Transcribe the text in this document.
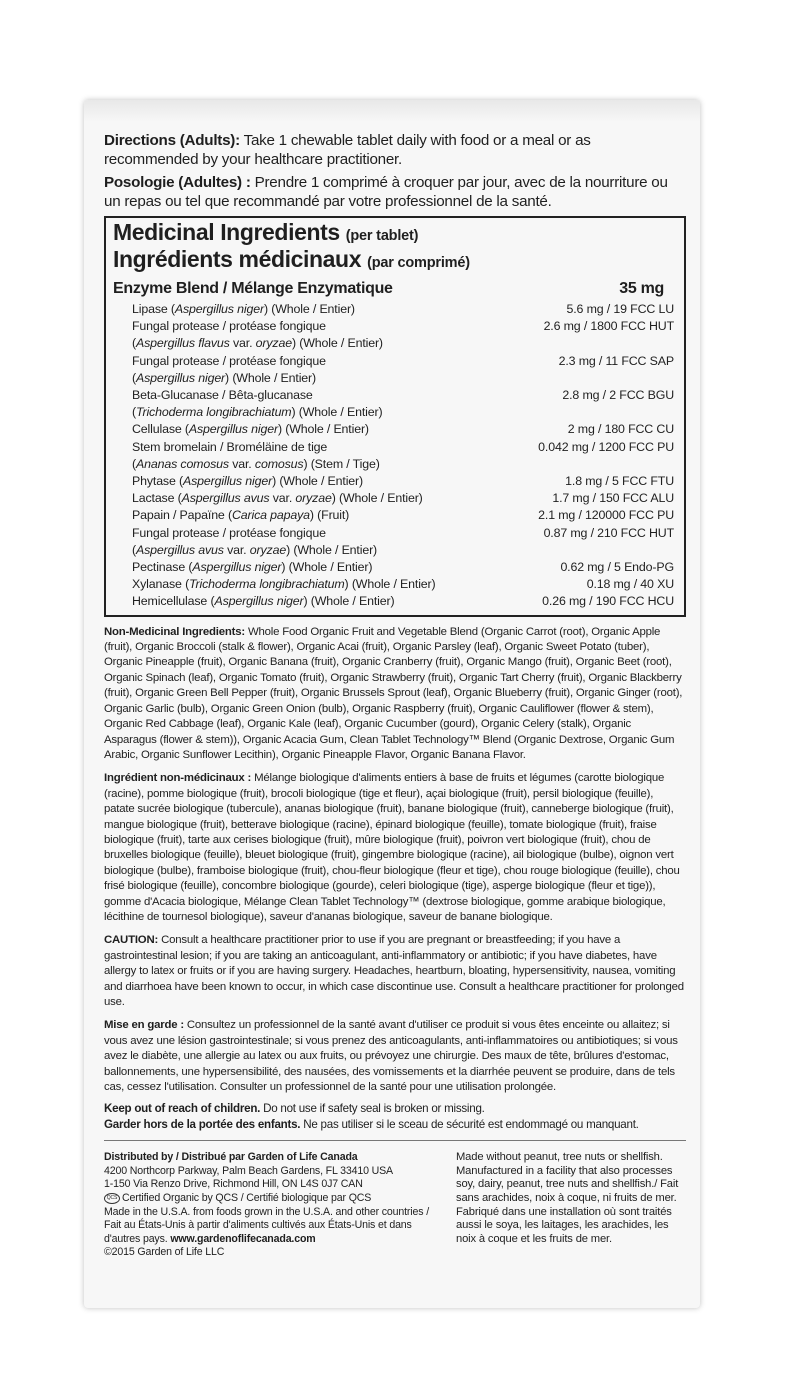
Directions (Adults): Take 1 chewable tablet daily with food or a meal or as recommended by your healthcare practitioner.

Posologie (Adultes) : Prendre 1 comprimé à croquer par jour, avec de la nourriture ou un repas ou tel que recommandé par votre professionnel de la santé.

Medicinal Ingredients (per tablet)
Ingrédients médicinaux (par comprimé)
Enzyme Blend / Mélange Enzymatique	35 mg
Lipase (Aspergillus niger) (Whole / Entier)	5.6 mg / 19 FCC LU
Fungal protease / protéase fongique	2.6 mg / 1800 FCC HUT
(Aspergillus flavus var. oryzae) (Whole / Entier)
Fungal protease / protéase fongique	2.3 mg / 11 FCC SAP
(Aspergillus niger) (Whole / Entier)
Beta-Glucanase / Bêta-glucanase	2.8 mg / 2 FCC BGU
(Trichoderma longibrachiatum) (Whole / Entier)
Cellulase (Aspergillus niger) (Whole / Entier)	2 mg / 180 FCC CU
Stem bromelain / Broméläine de tige	0.042 mg / 1200 FCC PU
(Ananas comosus var. comosus) (Stem / Tige)
Phytase (Aspergillus niger) (Whole / Entier)	1.8 mg / 5 FCC FTU
Lactase (Aspergillus avus var. oryzae) (Whole / Entier)	1.7 mg / 150 FCC ALU
Papain / Papaïne (Carica papaya) (Fruit)	2.1 mg / 120000 FCC PU
Fungal protease / protéase fongique	0.87 mg / 210 FCC HUT
(Aspergillus avus var. oryzae) (Whole / Entier)
Pectinase (Aspergillus niger) (Whole / Entier)	0.62 mg / 5 Endo-PG
Xylanase (Trichoderma longibrachiatum) (Whole / Entier)	0.18 mg / 40 XU
Hemicellulase (Aspergillus niger) (Whole / Entier)	0.26 mg / 190 FCC HCU

Non-Medicinal Ingredients: Whole Food Organic Fruit and Vegetable Blend (Organic Carrot (root), Organic Apple (fruit), Organic Broccoli (stalk & flower), Organic Acai (fruit), Organic Parsley (leaf), Organic Sweet Potato (tuber), Organic Pineapple (fruit), Organic Banana (fruit), Organic Cranberry (fruit), Organic Mango (fruit), Organic Beet (root), Organic Spinach (leaf), Organic Tomato (fruit), Organic Strawberry (fruit), Organic Tart Cherry (fruit), Organic Blackberry (fruit), Organic Green Bell Pepper (fruit), Organic Brussels Sprout (leaf), Organic Blueberry (fruit), Organic Ginger (root), Organic Garlic (bulb), Organic Green Onion (bulb), Organic Raspberry (fruit), Organic Cauliflower (flower & stem), Organic Red Cabbage (leaf), Organic Kale (leaf), Organic Cucumber (gourd), Organic Celery (stalk), Organic Asparagus (flower & stem)), Organic Acacia Gum, Clean Tablet Technology™ Blend (Organic Dextrose, Organic Gum Arabic, Organic Sunflower Lecithin), Organic Pineapple Flavor, Organic Banana Flavor.

Ingrédient non-médicinaux : Mélange biologique d'aliments entiers à base de fruits et légumes (carotte biologique (racine), pomme biologique (fruit), brocoli biologique (tige et fleur), açai biologique (fruit), persil biologique (feuille), patate sucrée biologique (tubercule), ananas biologique (fruit), banane biologique (fruit), canneberge biologique (fruit), mangue biologique (fruit), betterave biologique (racine), épinard biologique (feuille), tomate biologique (fruit), fraise biologique (fruit), tarte aux cerises biologique (fruit), mûre biologique (fruit), poivron vert biologique (fruit), chou de bruxelles biologique (feuille), bleuet biologique (fruit), gingembre biologique (racine), ail biologique (bulbe), oignon vert biologique (bulbe), framboise biologique (fruit), chou-fleur biologique (fleur et tige), chou rouge biologique (feuille), chou frisé biologique (feuille), concombre biologique (gourde), celeri biologique (tige), asperge biologique (fleur et tige)), gomme d'Acacia biologique, Mélange Clean Tablet Technology™ (dextrose biologique, gomme arabique biologique, lécithine de tournesol biologique), saveur d'ananas biologique, saveur de banane biologique.

CAUTION: Consult a healthcare practitioner prior to use if you are pregnant or breastfeeding; if you have a gastrointestinal lesion; if you are taking an anticoagulant, anti-inflammatory or antibiotic; if you have diabetes, have allergy to latex or fruits or if you are having surgery. Headaches, heartburn, bloating, hypersensitivity, nausea, vomiting and diarrhoea have been known to occur, in which case discontinue use. Consult a healthcare practitioner for prolonged use.

Mise en garde : Consultez un professionnel de la santé avant d'utiliser ce produit si vous êtes enceinte ou allaitez; si vous avez une lésion gastrointestinale; si vous prenez des anticoagulants, anti-inflammatoires ou antibiotiques; si vous avez le diabète, une allergie au latex ou aux fruits, ou prévoyez une chirurgie. Des maux de tête, brûlures d'estomac, ballonnements, une hypersensibilité, des nausées, des vomissements et la diarrhée peuvent se produire, dans de tels cas, cessez l'utilisation. Consulter un professionnel de la santé pour une utilisation prolongée.

Keep out of reach of children. Do not use if safety seal is broken or missing.
Garder hors de la portée des enfants. Ne pas utiliser si le sceau de sécurité est endommagé ou manquant.
Distributed by / Distribué par Garden of Life Canada
4200 Northcorp Parkway, Palm Beach Gardens, FL 33410 USA
1-150 Via Renzo Drive, Richmond Hill, ON L4S 0J7 CAN
QCS Certified Organic by QCS / Certifié biologique par QCS
Made in the U.S.A. from foods grown in the U.S.A. and other countries / Fait au États-Unis à partir d'aliments cultivés aux États-Unis et dans d'autres pays. www.gardenoflifecanada.com
©2015 Garden of Life LLC
Made without peanut, tree nuts or shellfish. Manufactured in a facility that also processes soy, dairy, peanut, tree nuts and shellfish./ Fait sans arachides, noix à coque, ni fruits de mer. Fabriqué dans une installation où sont traités aussi le soya, les laitages, les arachides, les noix à coque et les fruits de mer.
